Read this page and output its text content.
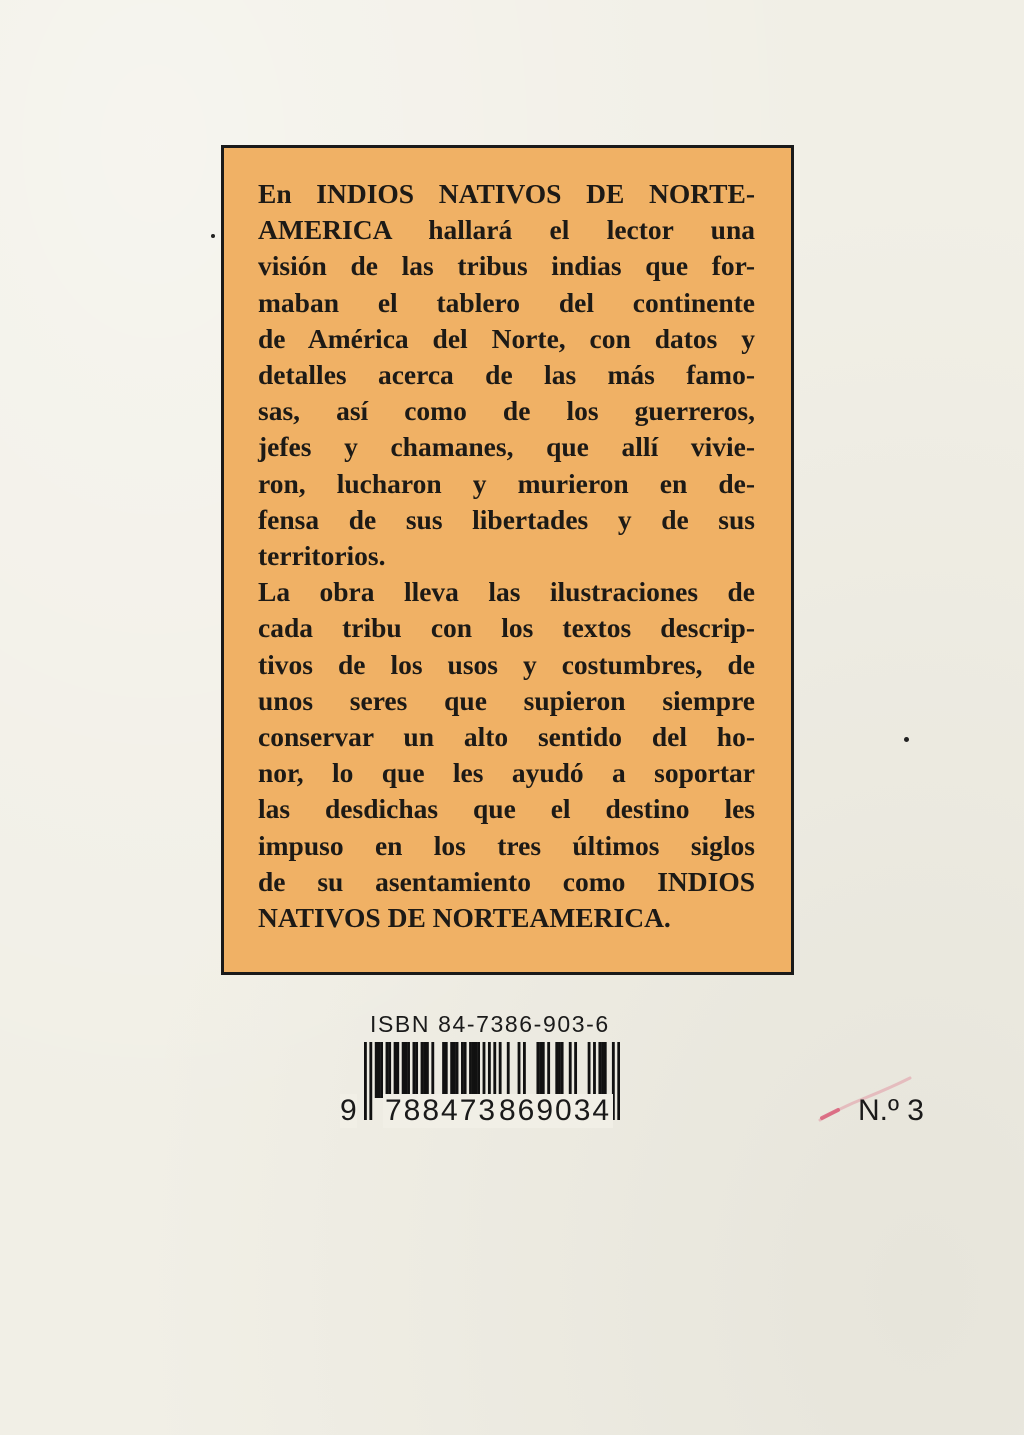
En INDIOS NATIVOS DE NORTE-
AMERICA hallará el lector una
visión de las tribus indias que for-
maban el tablero del continente
de América del Norte, con datos y
detalles acerca de las más famo-
sas, así como de los guerreros,
jefes y chamanes, que allí vivie-
ron, lucharon y murieron en de-
fensa de sus libertades y de sus
territorios.
La obra lleva las ilustraciones de
cada tribu con los textos descrip-
tivos de los usos y costumbres, de
unos seres que supieron siempre
conservar un alto sentido del ho-
nor, lo que les ayudó a soportar
las desdichas que el destino les
impuso en los tres últimos siglos
de su asentamiento como INDIOS
NATIVOS DE NORTEAMERICA.

ISBN 84-7386-903-6
9 788473 869034	N.º 3
